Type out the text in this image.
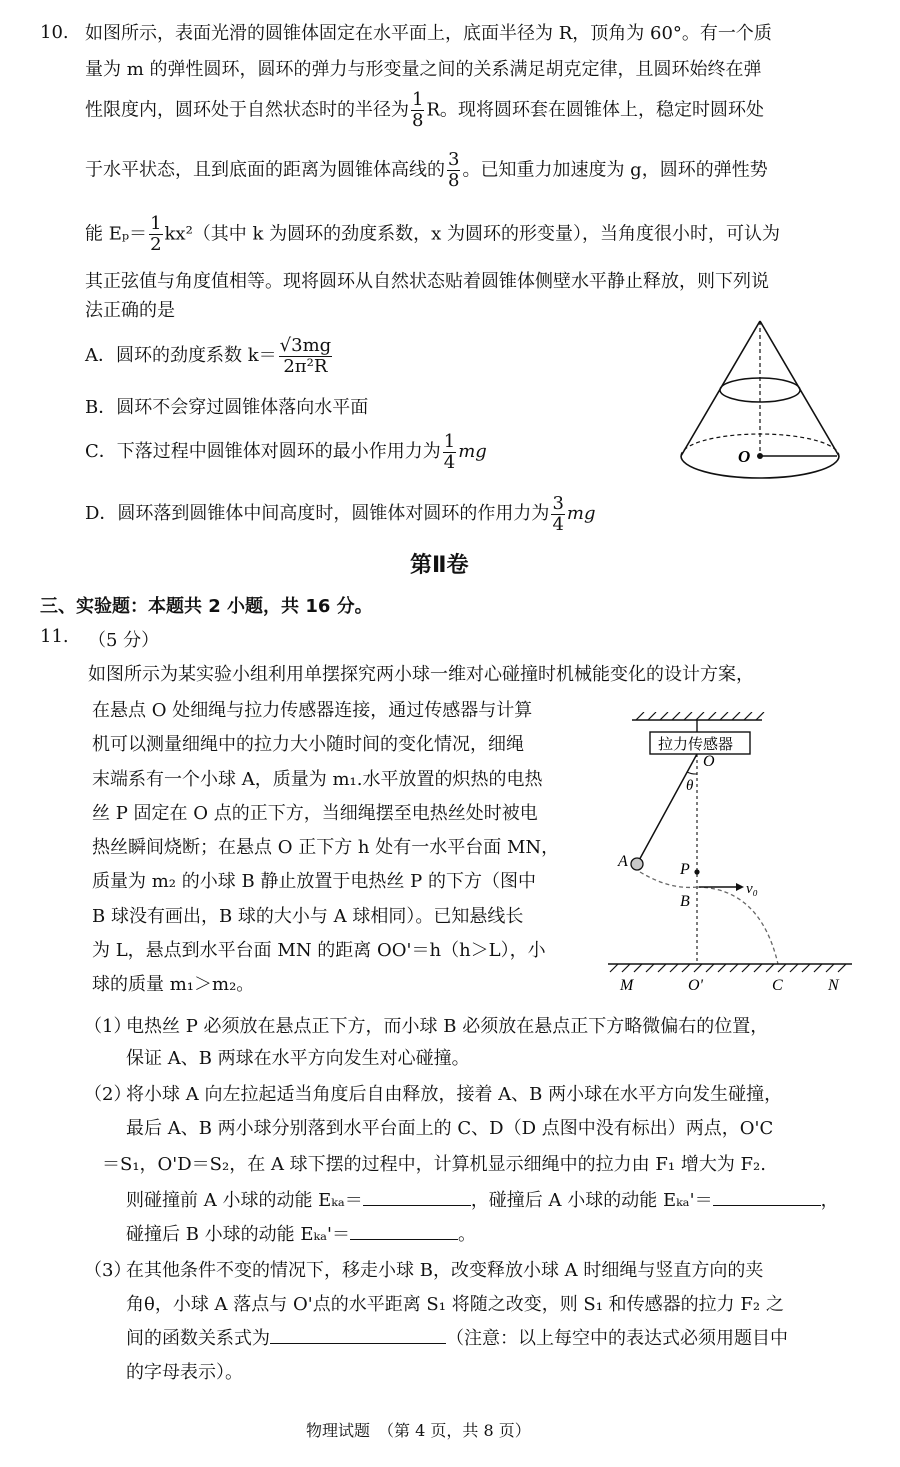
10. 如图所示，表面光滑的圆锥体固定在水平面上，底面半径为 R，顶角为 60°。有一个质
量为 m 的弹性圆环，圆环的弹力与形变量之间的关系满足胡克定律，且圆环始终在弹
性限度内，圆环处于自然状态时的半径为 $\frac{1}{8}$ R。现将圆环套在圆锥体上，稳定时圆环处
于水平状态，且到底面的距离为圆锥体高线的 $\frac{3}{8}$ 。已知重力加速度为 g，圆环的弹性势
能 $E_p= \frac{1}{2} kx^2$（其中 k 为圆环的劲度系数，x 为圆环的形变量），当角度很小时，可认为
其正弦值与角度值相等。现将圆环从自然状态贴着圆锥体侧壁水平静止释放，则下列说
法正确的是
A．圆环的劲度系数 $k= \frac{√3mg}{\text{2π²R}}$
B．圆环不会穿过圆锥体落向水平面
C．下落过程中圆锥体对圆环的最小作用力为 $\frac{1}{4}$ mg
D．圆环落到圆锥体中间高度时，圆锥体对圆环的作用力为 $\frac{3}{4}$ mg
O
第Ⅱ卷
三、实验题：本题共 2 小题，共 16 分。
11. （5 分）
如图所示为某实验小组利用单摆探究两小球一维对心碰撞时机械能变化的设计方案，
在悬点 O 处细绳与拉力传感器连接，通过传感器与计算
机可以测量细绳中的拉力大小随时间的变化情况，细绳
末端系有一个小球 A，质量为 m₁.水平放置的炽热的电热
丝 P 固定在 O 点的正下方，当细绳摆至电热丝处时被电
热丝瞬间烧断；在悬点 O 正下方 h 处有一水平台面 MN，
质量为 m₂ 的小球 B 静止放置于电热丝 P 的下方（图中
B 球没有画出，B 球的大小与 A 球相同）。已知悬线长
为 L，悬点到水平台面 MN 的距离 OO'＝h（h＞L），小
球的质量 m₁＞m₂。
拉力传感器
O
θ
A	P
B
v₀
M	O'	C	N
（1）
电热丝 P 必须放在悬点正下方，而小球 B 必须放在悬点正下方略微偏右的位置，
保证 A、B 两球在水平方向发生对心碰撞。
（2）
将小球 A 向左拉起适当角度后自由释放，接着 A、B 两小球在水平方向发生碰撞，
最后 A、B 两小球分别落到水平台面上的 C、D（D 点图中没有标出）两点，O'C
＝S₁，O'D＝S₂，在 A 球下摆的过程中，计算机显示细绳中的拉力由 F₁ 增大为 F₂.
则碰撞前 A 小球的动能 Eₖₐ＝	，碰撞后 A 小球的动能 Eₖₐ'＝	，
碰撞后 B 小球的动能 Eₖₐ'＝	。
（3）
在其他条件不变的情况下，移走小球 B，改变释放小球 A 时细绳与竖直方向的夹
角θ，小球 A 落点与 O'点的水平距离 S₁ 将随之改变，则 S₁ 和传感器的拉力 F₂ 之
间的函数关系式为	（注意：以上每空中的表达式必须用题目中
的字母表示）。
物理试题　（第 4 页，共 8 页）
